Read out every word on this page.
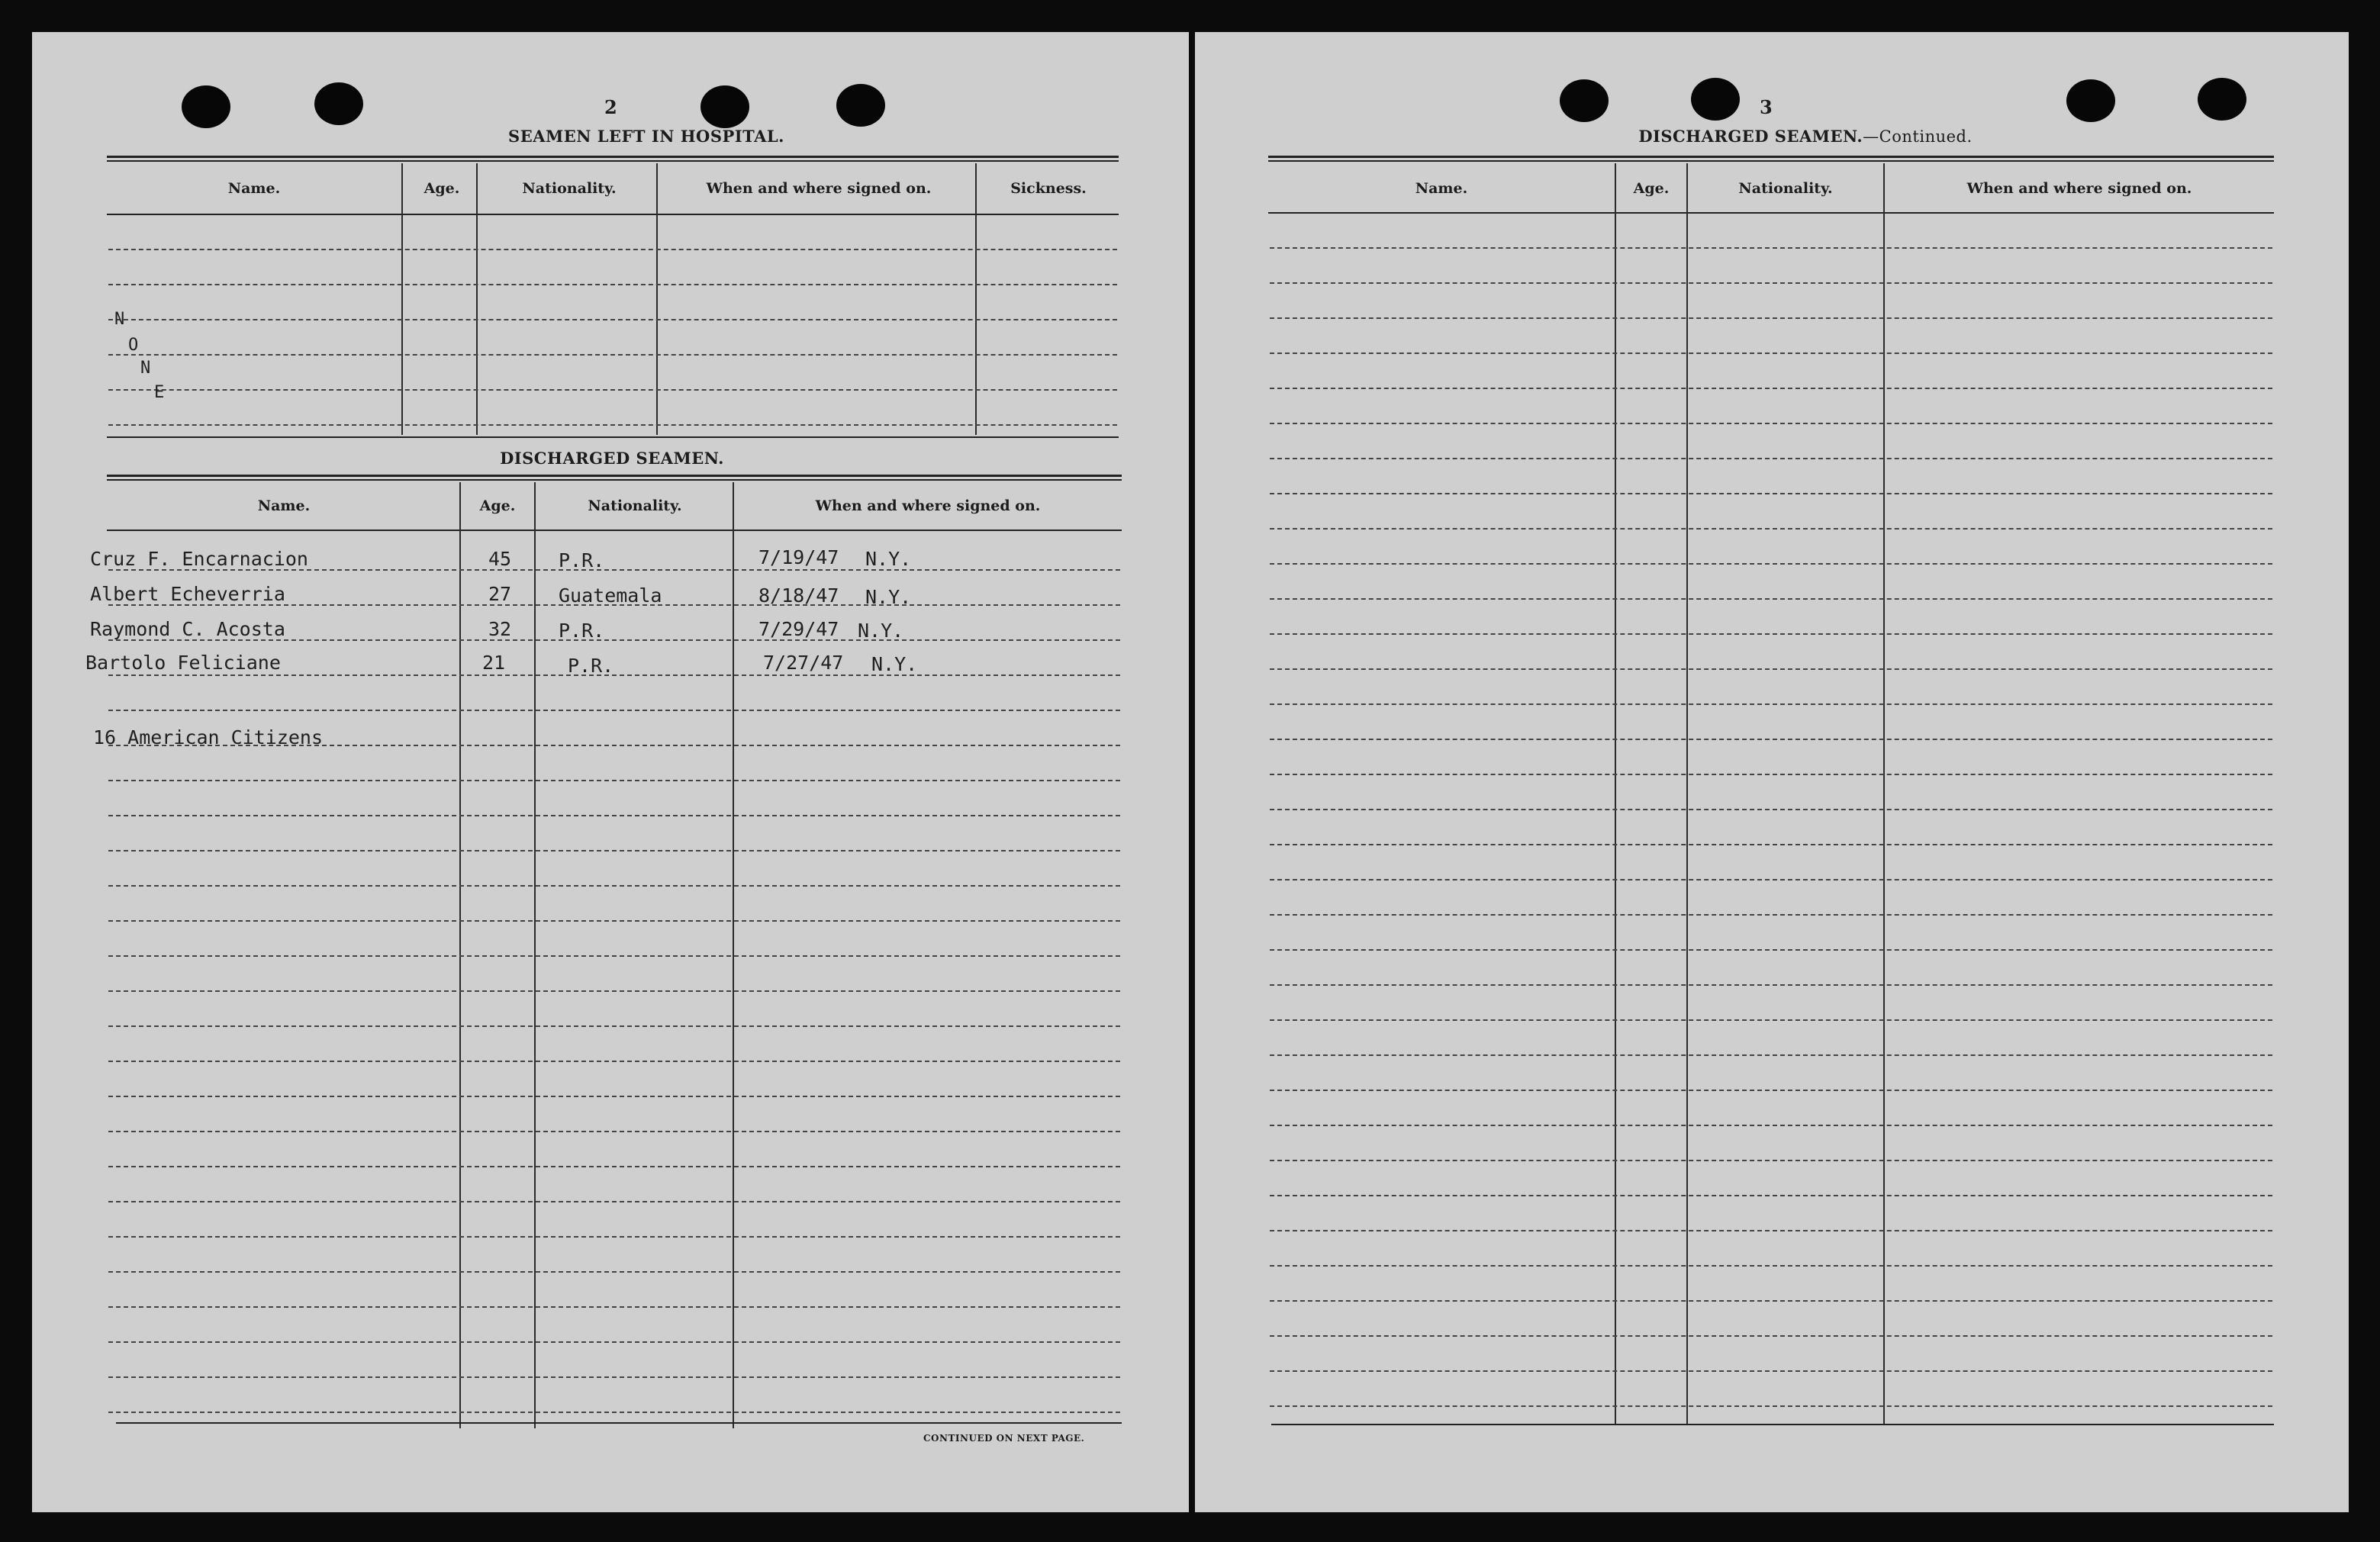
2
SEAMEN LEFT IN HOSPITAL.
Name.	Age.	Nationality.	When and where signed on.	Sickness.
N
O
N
E
DISCHARGED SEAMEN.
Name.	Age.	Nationality.	When and where signed on.
Cruz F. Encarnacion	45 P.R.	7/19/47 N.Y.
Albert Echeverria	27 Guatemala	8/18/47 N.Y.
Raymond C. Acosta	32 P.R.	7/29/47 N.Y.
Bartolo Feliciane	21	P.R.	7/27/47 N.Y.
16 American Citizens
CONTINUED ON NEXT PAGE.
3
DISCHARGED SEAMEN.—Continued.
Name.	Age.	Nationality.	When and where signed on.
